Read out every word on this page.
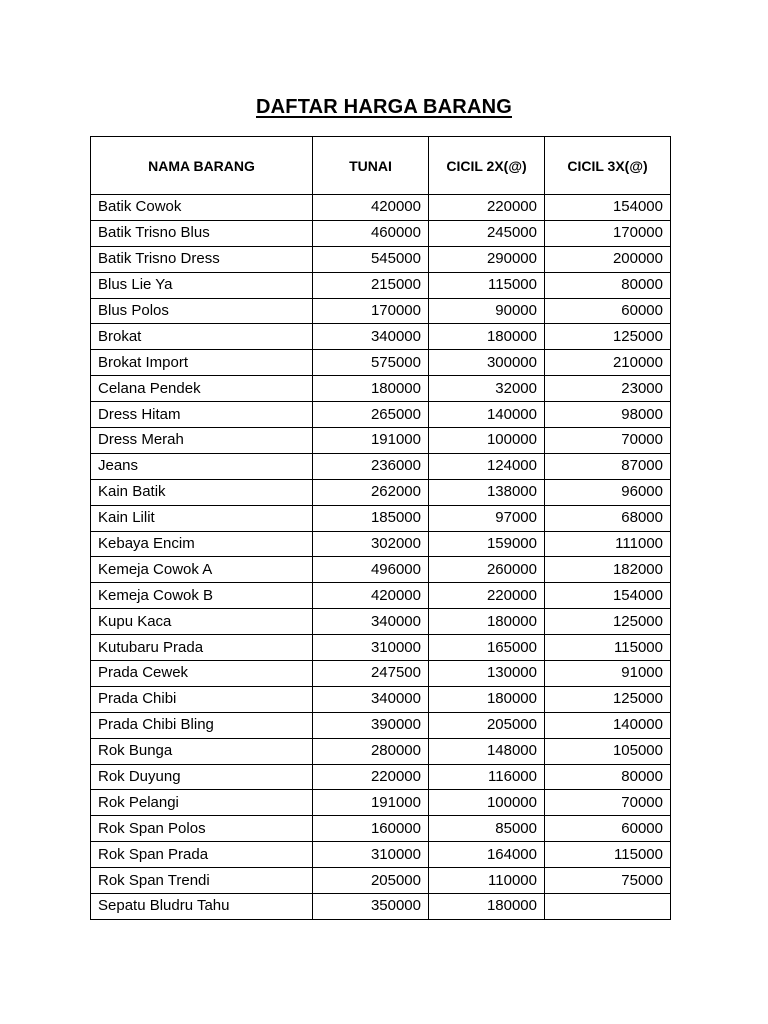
DAFTAR HARGA BARANG
NAMA BARANG	TUNAI	CICIL 2X(@)	CICIL 3X(@)
Batik Cowok	420000	220000	154000
Batik Trisno Blus	460000	245000	170000
Batik Trisno Dress	545000	290000	200000
Blus Lie Ya	215000	115000	80000
Blus Polos	170000	90000	60000
Brokat	340000	180000	125000
Brokat Import	575000	300000	210000
Celana Pendek	180000	32000	23000
Dress Hitam	265000	140000	98000
Dress Merah	191000	100000	70000
Jeans	236000	124000	87000
Kain Batik	262000	138000	96000
Kain Lilit	185000	97000	68000
Kebaya Encim	302000	159000	111000
Kemeja Cowok A	496000	260000	182000
Kemeja Cowok B	420000	220000	154000
Kupu Kaca	340000	180000	125000
Kutubaru Prada	310000	165000	115000
Prada Cewek	247500	130000	91000
Prada Chibi	340000	180000	125000
Prada Chibi Bling	390000	205000	140000
Rok Bunga	280000	148000	105000
Rok Duyung	220000	116000	80000
Rok Pelangi	191000	100000	70000
Rok Span Polos	160000	85000	60000
Rok Span Prada	310000	164000	115000
Rok Span Trendi	205000	110000	75000
Sepatu Bludru Tahu	350000	180000	
